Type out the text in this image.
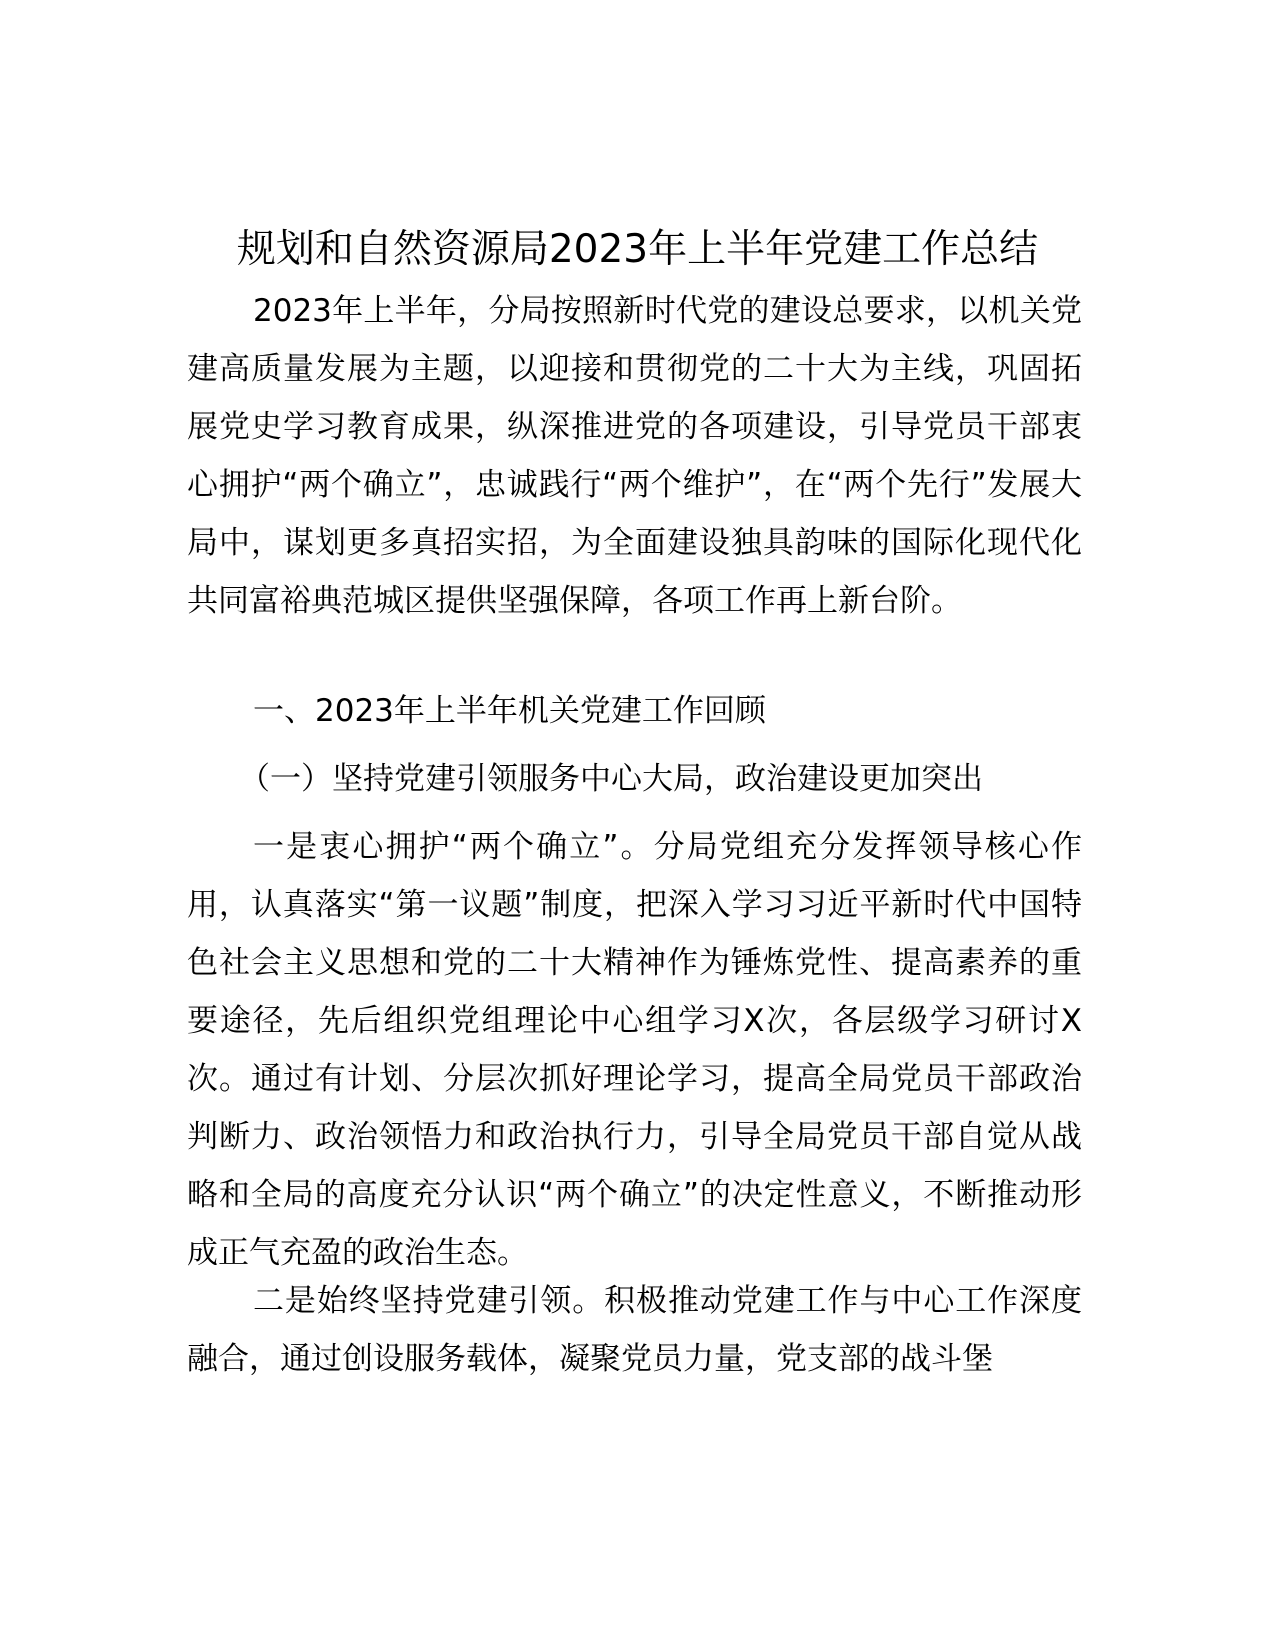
规划和自然资源局2023年上半年党建工作总结

2023年上半年，分局按照新时代党的建设总要求，以机关党建高质量发展为主题，以迎接和贯彻党的二十大为主线，巩固拓展党史学习教育成果，纵深推进党的各项建设，引导党员干部衷心拥护“两个确立”，忠诚践行“两个维护”，在“两个先行”发展大局中，谋划更多真招实招，为全面建设独具韵味的国际化现代化共同富裕典范城区提供坚强保障，各项工作再上新台阶。

一、2023年上半年机关党建工作回顾

（一）坚持党建引领服务中心大局，政治建设更加突出

一是衷心拥护“两个确立”。分局党组充分发挥领导核心作用，认真落实“第一议题”制度，把深入学习习近平新时代中国特色社会主义思想和党的二十大精神作为锤炼党性、提高素养的重要途径，先后组织党组理论中心组学习X次，各层级学习研讨X次。通过有计划、分层次抓好理论学习，提高全局党员干部政治判断力、政治领悟力和政治执行力，引导全局党员干部自觉从战略和全局的高度充分认识“两个确立”的决定性意义，不断推动形成正气充盈的政治生态。

二是始终坚持党建引领。积极推动党建工作与中心工作深度融合，通过创设服务载体，凝聚党员力量，党支部的战斗堡
